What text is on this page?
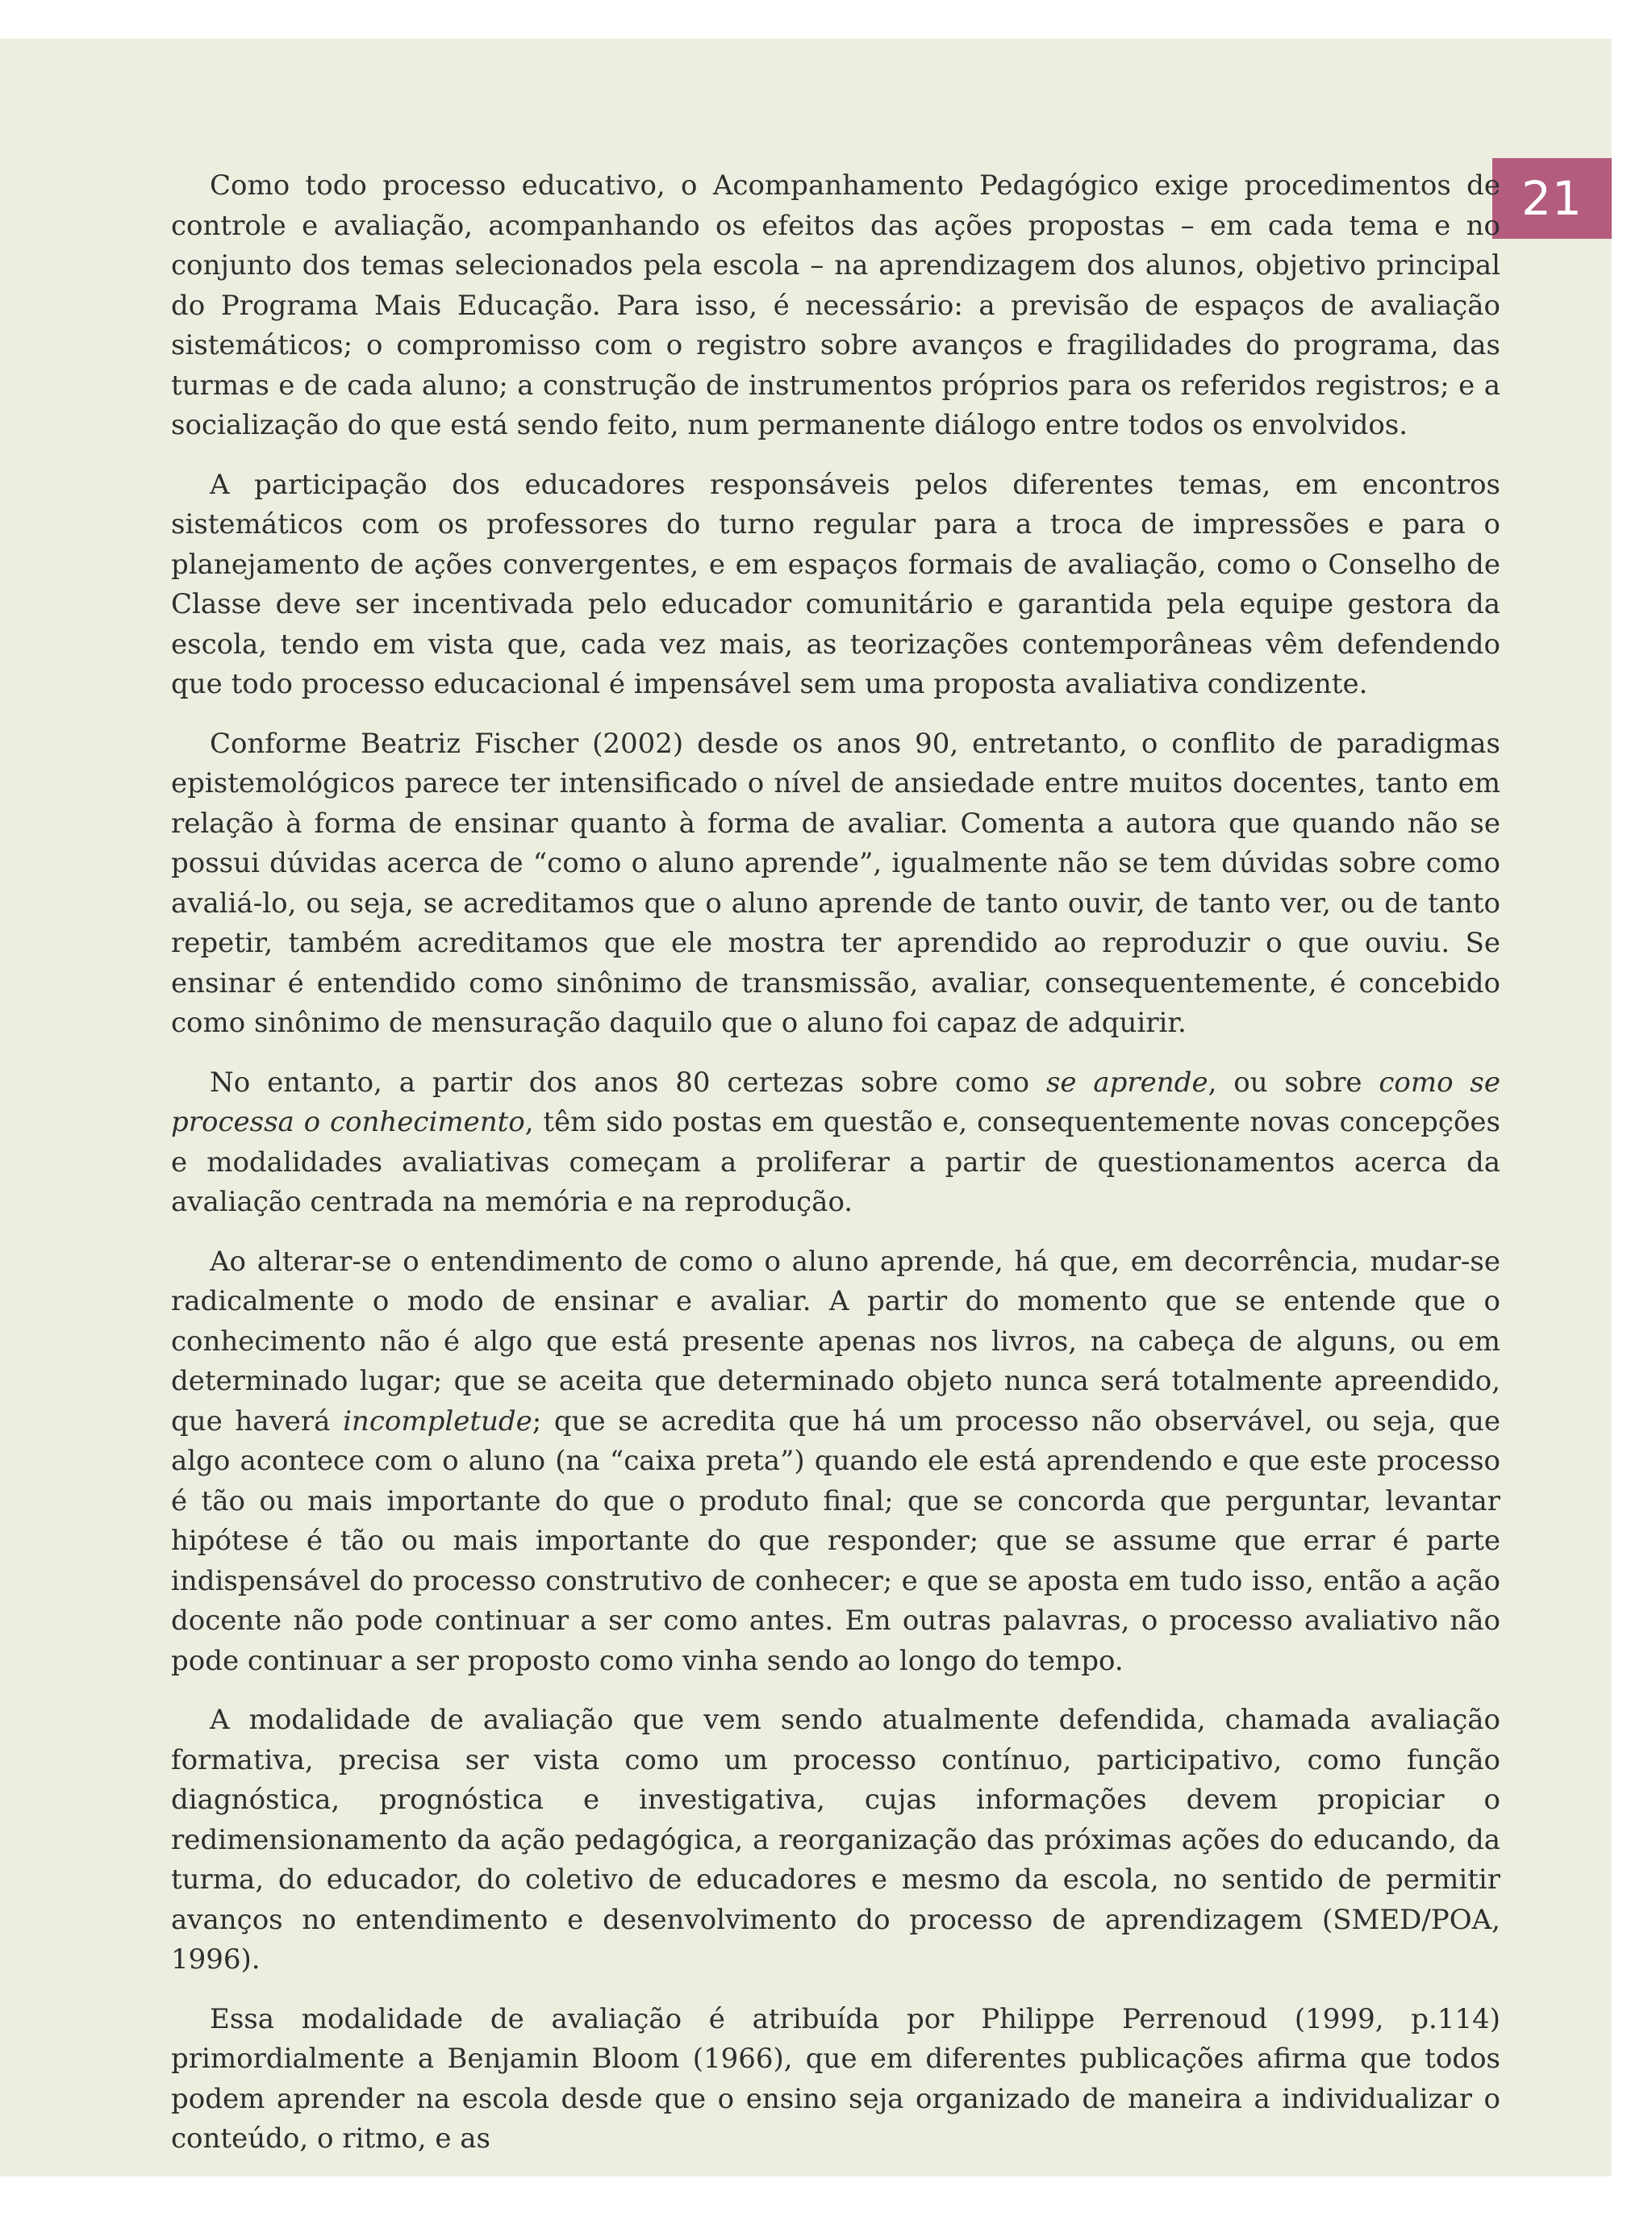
21

Como todo processo educativo, o Acompanhamento Pedagógico exige procedimentos de controle e avaliação, acompanhando os efeitos das ações propostas – em cada tema e no conjunto dos temas selecionados pela escola – na aprendizagem dos alunos, objetivo principal do Programa Mais Educação. Para isso, é necessário: a previsão de espaços de avaliação sistemáticos; o compromisso com o registro sobre avanços e fragilidades do programa, das turmas e de cada aluno; a construção de instrumentos próprios para os referidos registros; e a socialização do que está sendo feito, num permanente diálogo entre todos os envolvidos.

A participação dos educadores responsáveis pelos diferentes temas, em encontros sistemáticos com os professores do turno regular para a troca de impressões e para o planejamento de ações convergentes, e em espaços formais de avaliação, como o Conselho de Classe deve ser incentivada pelo educador comunitário e garantida pela equipe gestora da escola, tendo em vista que, cada vez mais, as teorizações contemporâneas vêm defendendo que todo processo educacional é impensável sem uma proposta avaliativa condizente.

Conforme Beatriz Fischer (2002) desde os anos 90, entretanto, o conflito de paradigmas epistemológicos parece ter intensificado o nível de ansiedade entre muitos docentes, tanto em relação à forma de ensinar quanto à forma de avaliar. Comenta a autora que quando não se possui dúvidas acerca de “como o aluno aprende”, igualmente não se tem dúvidas sobre como avaliá-lo, ou seja, se acreditamos que o aluno aprende de tanto ouvir, de tanto ver, ou de tanto repetir, também acreditamos que ele mostra ter aprendido ao reproduzir o que ouviu. Se ensinar é entendido como sinônimo de transmissão, avaliar, consequentemente, é concebido como sinônimo de mensuração daquilo que o aluno foi capaz de adquirir.

No entanto, a partir dos anos 80 certezas sobre como se aprende, ou sobre como se processa o conhecimento, têm sido postas em questão e, consequentemente novas concepções e modalidades avaliativas começam a proliferar a partir de questionamentos acerca da avaliação centrada na memória e na reprodução.

Ao alterar-se o entendimento de como o aluno aprende, há que, em decorrência, mudar-se radicalmente o modo de ensinar e avaliar. A partir do momento que se entende que o conhecimento não é algo que está presente apenas nos livros, na cabeça de alguns, ou em determinado lugar; que se aceita que determinado objeto nunca será totalmente apreendido, que haverá incompletude; que se acredita que há um processo não observável, ou seja, que algo acontece com o aluno (na “caixa preta”) quando ele está aprendendo e que este processo é tão ou mais importante do que o produto final; que se concorda que perguntar, levantar hipótese é tão ou mais importante do que responder; que se assume que errar é parte indispensável do processo construtivo de conhecer; e que se aposta em tudo isso, então a ação docente não pode continuar a ser como antes. Em outras palavras, o processo avaliativo não pode continuar a ser proposto como vinha sendo ao longo do tempo.

A modalidade de avaliação que vem sendo atualmente defendida, chamada avaliação formativa, precisa ser vista como um processo contínuo, participativo, como função diagnóstica, prognóstica e investigativa, cujas informações devem propiciar o redimensionamento da ação pedagógica, a reorganização das próximas ações do educando, da turma, do educador, do coletivo de educadores e mesmo da escola, no sentido de permitir avanços no entendimento e desenvolvimento do processo de aprendizagem (SMED/POA, 1996).

Essa modalidade de avaliação é atribuída por Philippe Perrenoud (1999, p.114) primordialmente a Benjamin Bloom (1966), que em diferentes publicações afirma que todos podem aprender na escola desde que o ensino seja organizado de maneira a individualizar o conteúdo, o ritmo, e as
